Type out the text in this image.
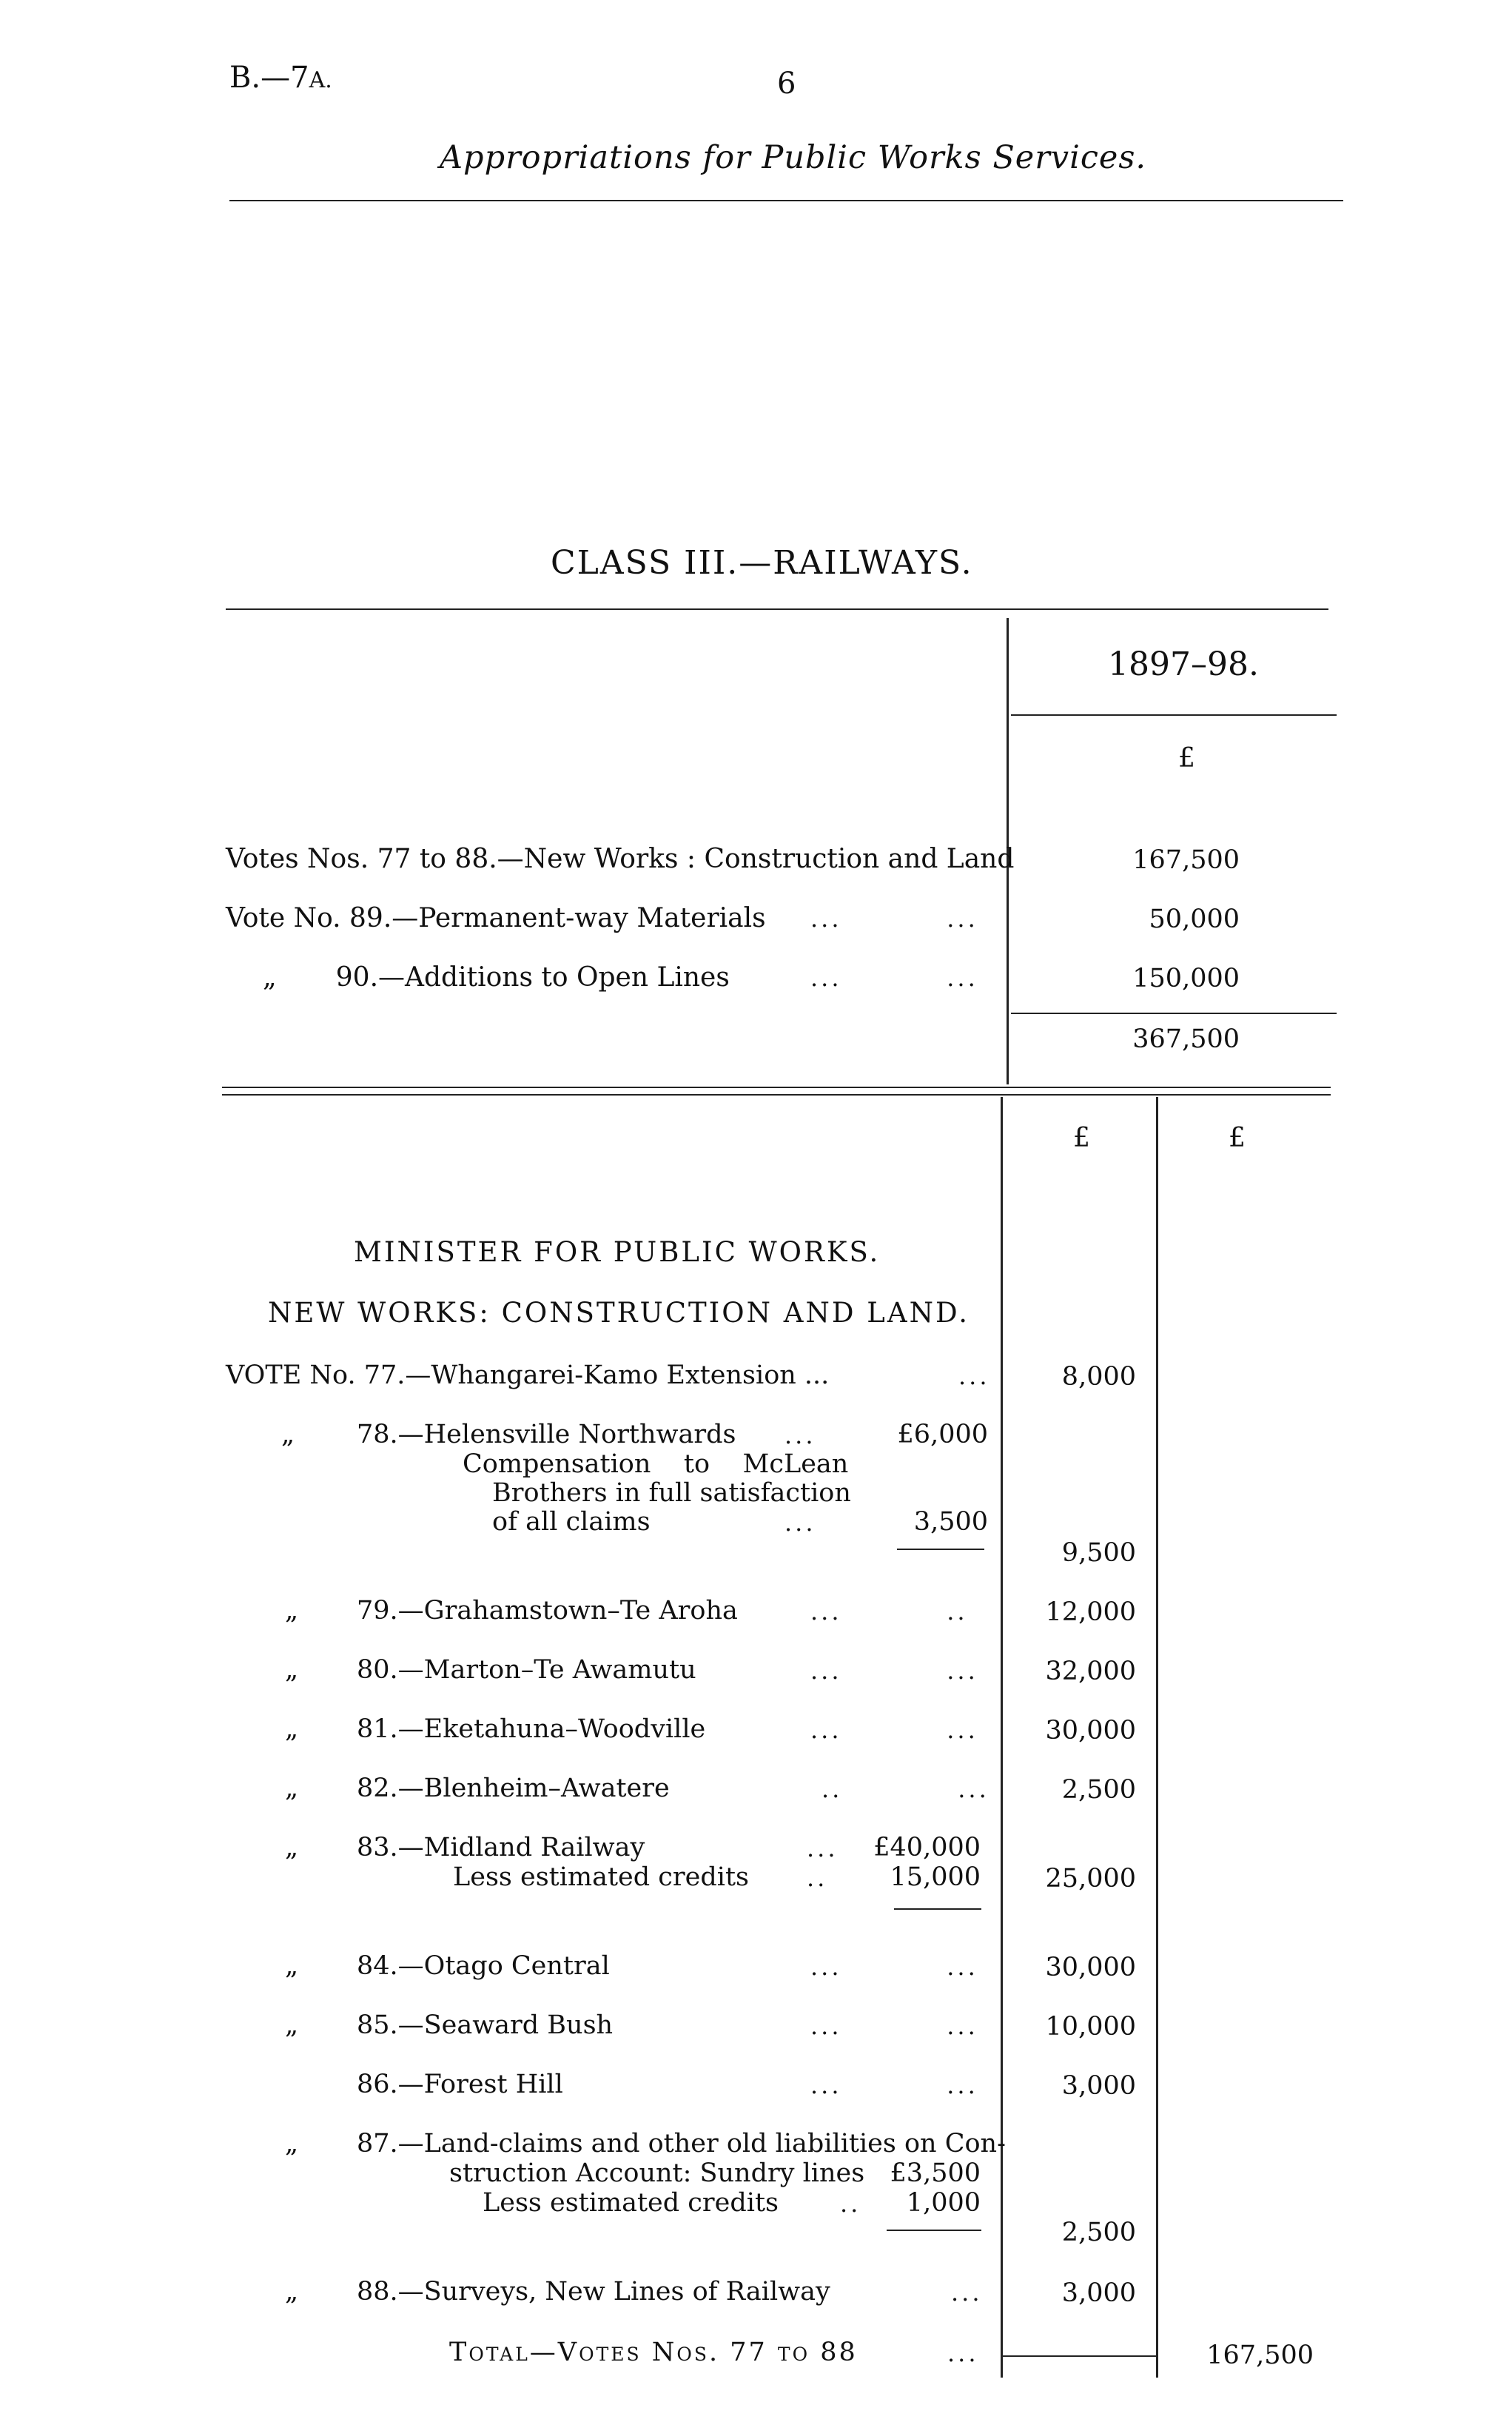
B.—7A.	6
Appropriations for Public Works Services.
CLASS III.—RAILWAYS.
1897–98.
£
Votes Nos. 77 to 88.—New Works : Construction and Land	167,500
Vote No. 89.—Permanent-way Materials ...          ...	50,000
„       90.—Additions to Open Lines	...          ...	150,000
367,500
£	£
MINISTER FOR PUBLIC WORKS.
NEW WORKS: CONSTRUCTION AND LAND.
VOTE No. 77.—Whangarei-Kamo Extension ...	...	8,000
„ 78.—Helensville Northwards ...	£6,000
Compensation    to    McLean
Brothers in full satisfaction
of all claims	...	3,500
9,500
„ 79.—Grahamstown–Te Aroha	...          ..	12,000
„ 80.—Marton–Te Awamutu	...          ...	32,000
„ 81.—Eketahuna–Woodville	...          ...	30,000
„ 82.—Blenheim–Awatere	..           ...	2,500
„ 83.—Midland Railway	... £40,000
Less estimated credits ..	15,000	25,000
„ 84.—Otago Central	...          ...	30,000
„ 85.—Seaward Bush	...          ...	10,000
86.—Forest Hill	...          ...	3,000
„ 87.—Land-claims and other old liabilities on Con-
struction Account: Sundry lines £3,500
Less estimated credits	..	1,000
2,500
„ 88.—Surveys, New Lines of Railway	...	3,000
Total—Votes Nos. 77 to 88	...	167,500
